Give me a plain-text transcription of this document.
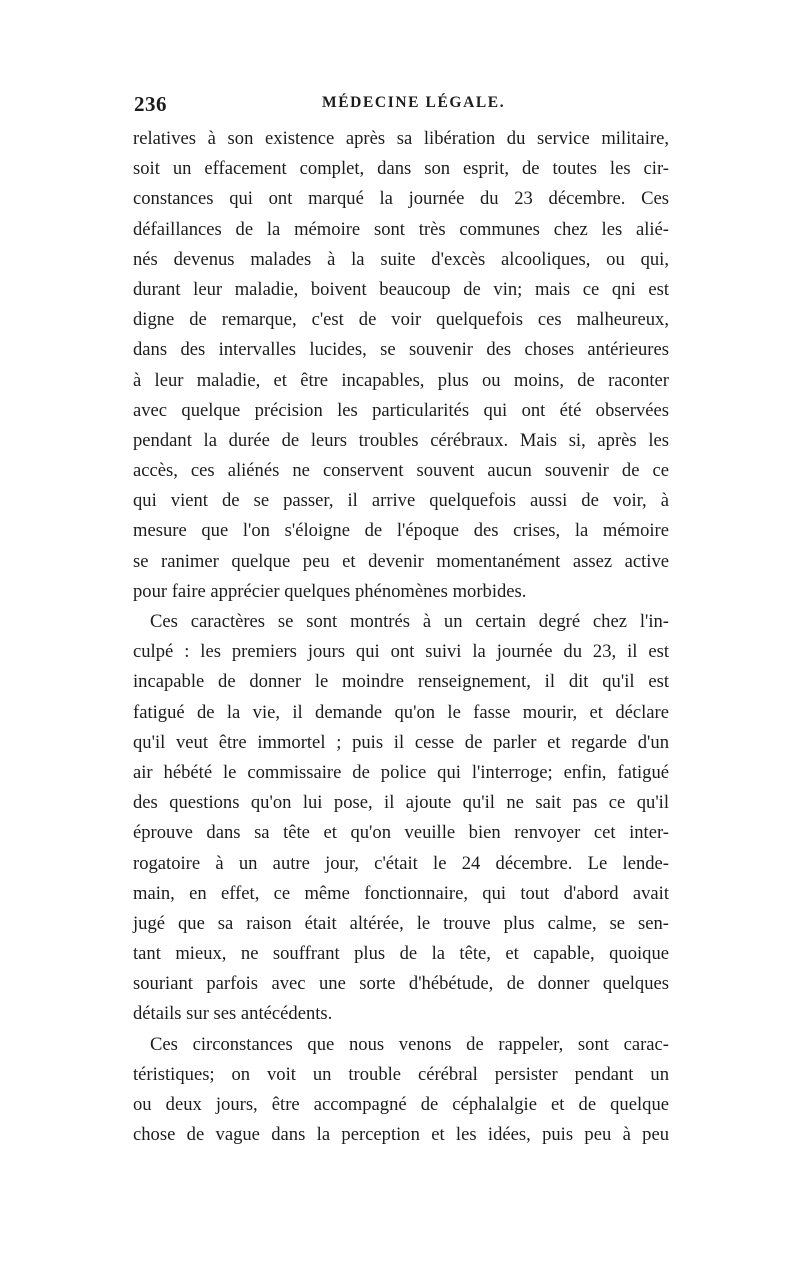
236	MÉDECINE LÉGALE.
relatives à son existence après sa libération du service militaire,
soit un effacement complet, dans son esprit, de toutes les cir-
constances qui ont marqué la journée du 23 décembre. Ces
défaillances de la mémoire sont très communes chez les alié-
nés devenus malades à la suite d'excès alcooliques, ou qui,
durant leur maladie, boivent beaucoup de vin; mais ce qni est
digne de remarque, c'est de voir quelquefois ces malheureux,
dans des intervalles lucides, se souvenir des choses antérieures
à leur maladie, et être incapables, plus ou moins, de raconter
avec quelque précision les particularités qui ont été observées
pendant la durée de leurs troubles cérébraux. Mais si, après les
accès, ces aliénés ne conservent souvent aucun souvenir de ce
qui vient de se passer, il arrive quelquefois aussi de voir, à
mesure que l'on s'éloigne de l'époque des crises, la mémoire
se ranimer quelque peu et devenir momentanément assez active
pour faire apprécier quelques phénomènes morbides.
Ces caractères se sont montrés à un certain degré chez l'in-
culpé : les premiers jours qui ont suivi la journée du 23, il est
incapable de donner le moindre renseignement, il dit qu'il est
fatigué de la vie, il demande qu'on le fasse mourir, et déclare
qu'il veut être immortel ; puis il cesse de parler et regarde d'un
air hébété le commissaire de police qui l'interroge; enfin, fatigué
des questions qu'on lui pose, il ajoute qu'il ne sait pas ce qu'il
éprouve dans sa tête et qu'on veuille bien renvoyer cet inter-
rogatoire à un autre jour, c'était le 24 décembre. Le lende-
main, en effet, ce même fonctionnaire, qui tout d'abord avait
jugé que sa raison était altérée, le trouve plus calme, se sen-
tant mieux, ne souffrant plus de la tête, et capable, quoique
souriant parfois avec une sorte d'hébétude, de donner quelques
détails sur ses antécédents.
Ces circonstances que nous venons de rappeler, sont carac-
téristiques; on voit un trouble cérébral persister pendant un
ou deux jours, être accompagné de céphalalgie et de quelque
chose de vague dans la perception et les idées, puis peu à peu
